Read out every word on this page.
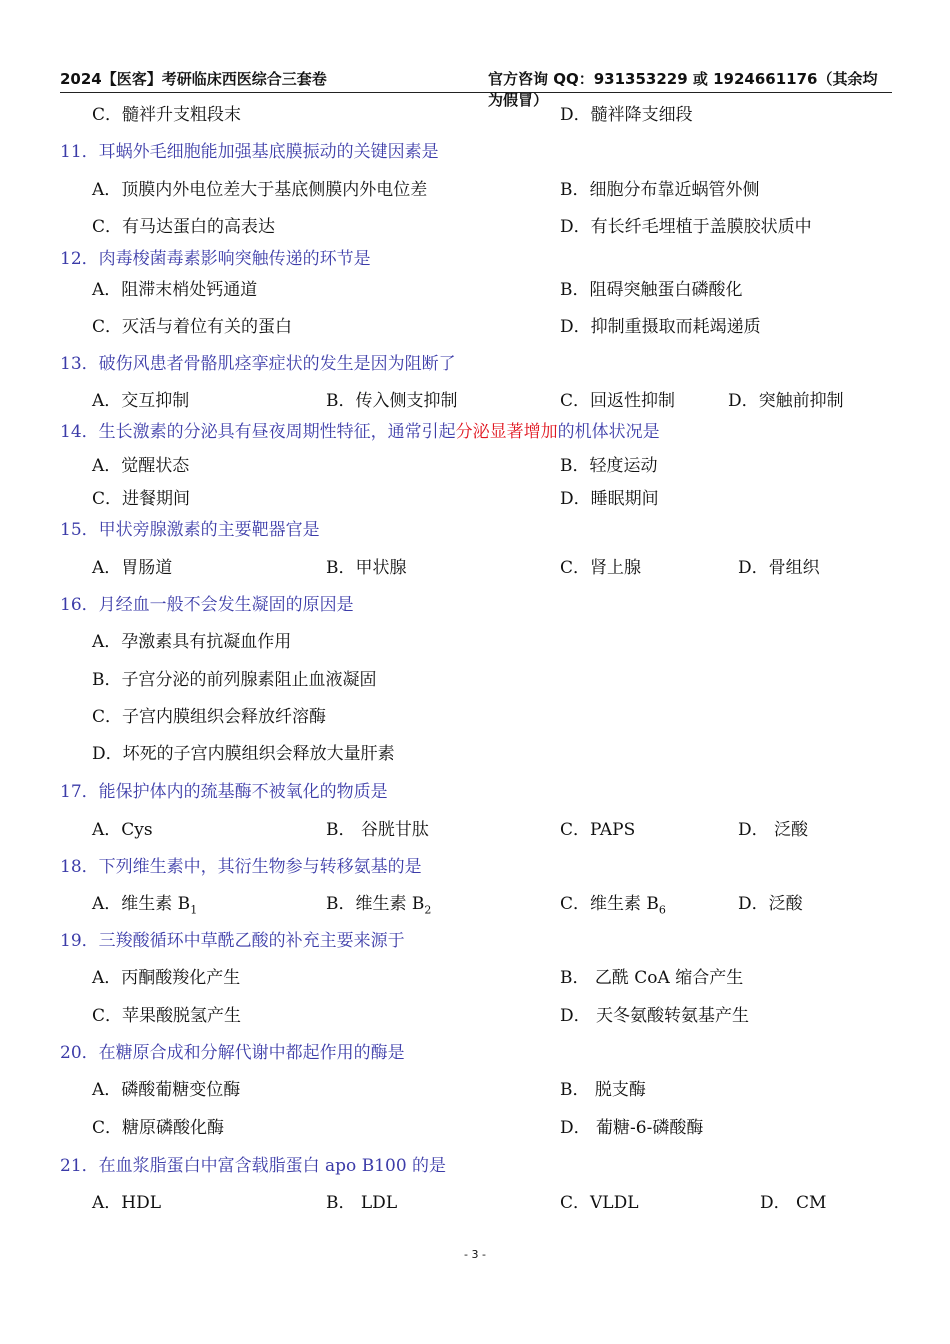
2024【医客】考研临床西医综合三套卷	官方咨询 QQ：931353229 或 1924661176（其余均为假冒）
C．髓袢升支粗段末	D．髓袢降支细段
11．耳蜗外毛细胞能加强基底膜振动的关键因素是
A．顶膜内外电位差大于基底侧膜内外电位差	B．细胞分布靠近蜗管外侧
C．有马达蛋白的高表达	D．有长纤毛埋植于盖膜胶状质中
12．肉毒梭菌毒素影响突触传递的环节是
A．阻滞末梢处钙通道	B．阻碍突触蛋白磷酸化
C．灭活与着位有关的蛋白	D．抑制重摄取而耗竭递质
13．破伤风患者骨骼肌痉挛症状的发生是因为阻断了
A．交互抑制	B．传入侧支抑制	C．回返性抑制	D．突触前抑制
14．生长激素的分泌具有昼夜周期性特征，通常引起分泌显著增加的机体状况是
A．觉醒状态	B．轻度运动
C．进餐期间	D．睡眠期间
15．甲状旁腺激素的主要靶器官是
A．胃肠道	B．甲状腺	C．肾上腺	D．骨组织
16．月经血一般不会发生凝固的原因是
A．孕激素具有抗凝血作用
B．子宫分泌的前列腺素阻止血液凝固
C．子宫内膜组织会释放纤溶酶
D．坏死的子宫内膜组织会释放大量肝素
17．能保护体内的巯基酶不被氧化的物质是
A．Cys	B． 谷胱甘肽	C．PAPS	D． 泛酸
18．下列维生素中，其衍生物参与转移氨基的是
A．维生素 $B_1$	B．维生素 $B_2$	C．维生素 $B_6$	D．泛酸
19．三羧酸循环中草酰乙酸的补充主要来源于
A．丙酮酸羧化产生	B． 乙酰 CoA 缩合产生
C．苹果酸脱氢产生	D． 天冬氨酸转氨基产生
20．在糖原合成和分解代谢中都起作用的酶是
A．磷酸葡糖变位酶	B． 脱支酶
C．糖原磷酸化酶	D． 葡糖-6-磷酸酶
21．在血浆脂蛋白中富含载脂蛋白 apo B100 的是
A．HDL	B． LDL	C．VLDL	D． CM
- 3 -
